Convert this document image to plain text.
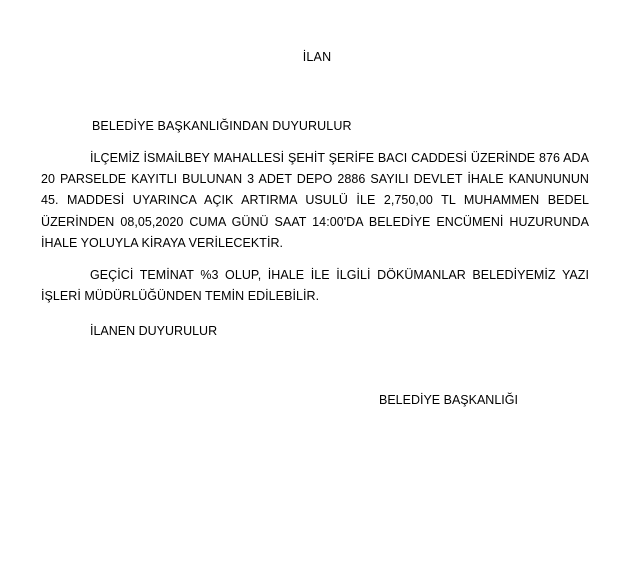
İLAN
BELEDİYE BAŞKANLIĞINDAN DUYURULUR
İLÇEMİZ İSMAİLBEY MAHALLESİ ŞEHİT ŞERİFE BACI CADDESİ ÜZERİNDE 876 ADA 20 PARSELDE KAYITLI BULUNAN 3 ADET DEPO 2886 SAYILI DEVLET İHALE KANUNUNUN 45. MADDESİ UYARINCA AÇIK ARTIRMA USULÜ İLE 2,750,00 TL MUHAMMEN BEDEL ÜZERİNDEN 08,05,2020 CUMA GÜNÜ SAAT 14:00'DA BELEDİYE ENCÜMENİ HUZURUNDA İHALE YOLUYLA KİRAYA VERİLECEKTİR.
GEÇİCİ TEMİNAT %3 OLUP, İHALE İLE İLGİLİ DÖKÜMANLAR BELEDİYEMİZ YAZI İŞLERİ MÜDÜRLÜĞÜNDEN TEMİN EDİLEBİLİR.
İLANEN DUYURULUR
BELEDİYE BAŞKANLIĞI
